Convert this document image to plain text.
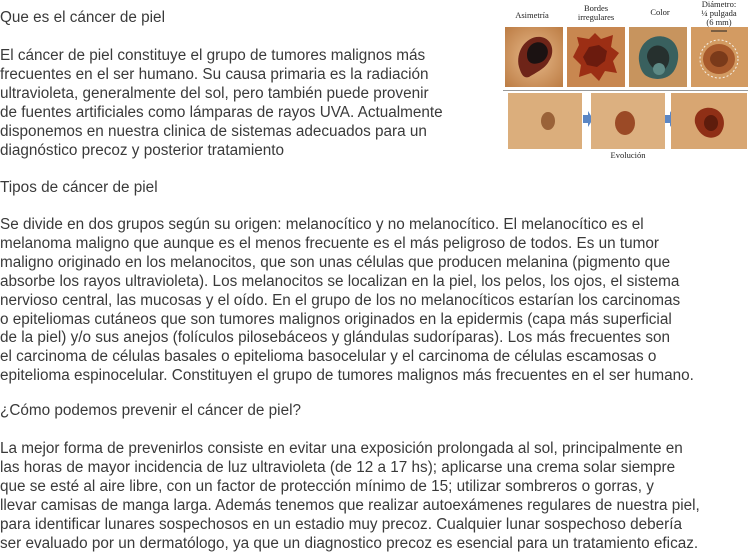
Que es el cáncer de piel
El cáncer de piel constituye el grupo de tumores malignos más
frecuentes en el ser humano. Su causa primaria es la radiación
ultravioleta, generalmente del sol, pero también puede provenir
de fuentes artificiales como lámparas de rayos UVA. Actualmente
disponemos en nuestra clinica de sistemas adecuados para un
diagnóstico precoz y posterior tratamiento
Tipos de cáncer de piel
Se divide en dos grupos según su origen: melanocítico y no melanocítico. El melanocítico es el
melanoma maligno que aunque es el menos frecuente es el más peligroso de todos. Es un tumor
maligno originado en los melanocitos, que son unas células que producen melanina (pigmento que
absorbe los rayos ultravioleta). Los melanocitos se localizan en la piel, los pelos, los ojos, el sistema
nervioso central, las mucosas y el oído. En el grupo de los no melanocíticos estarían los carcinomas
o epiteliomas cutáneos que son tumores malignos originados en la epidermis (capa más superficial
de la piel) y/o sus anejos (folículos pilosebáceos y glándulas sudoríparas). Los más frecuentes son
el carcinoma de células basales o epitelioma basocelular y el carcinoma de células escamosas o
epitelioma espinocelular. Constituyen el grupo de tumores malignos más frecuentes en el ser humano.
¿Cómo podemos prevenir el cáncer de piel?
La mejor forma de prevenirlos consiste en evitar una exposición prolongada al sol, principalmente en
las horas de mayor incidencia de luz ultravioleta (de 12 a 17 hs); aplicarse una crema solar siempre
que se esté al aire libre, con un factor de protección mínimo de 15; utilizar sombreros o gorras, y
llevar camisas de manga larga. Además tenemos que realizar autoexámenes regulares de nuestra piel,
para identificar lunares sospechosos en un estadio muy precoz. Cualquier lunar sospechoso debería
ser evaluado por un dermatólogo, ya que un diagnostico precoz es esencial para un tratamiento eficaz.
Asimetría
Bordes
irregulares	Color
Diámetro:
¼ pulgada
(6 mm)
Evolución
